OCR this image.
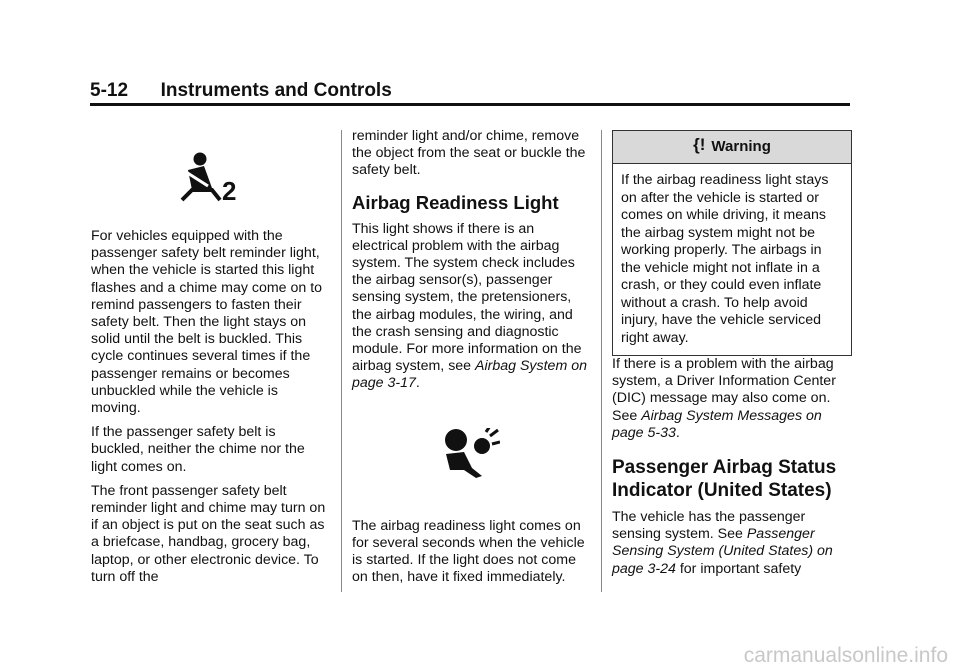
5-12 Instruments and Controls
2

For vehicles equipped with the passenger safety belt reminder light, when the vehicle is started this light flashes and a chime may come on to remind passengers to fasten their safety belt. Then the light stays on solid until the belt is buckled. This cycle continues several times if the passenger remains or becomes unbuckled while the vehicle is moving.

If the passenger safety belt is buckled, neither the chime nor the light comes on.

The front passenger safety belt reminder light and chime may turn on if an object is put on the seat such as a briefcase, handbag, grocery bag, laptop, or other electronic device. To turn off the

reminder light and/or chime, remove the object from the seat or buckle the safety belt.

Airbag Readiness Light

This light shows if there is an electrical problem with the airbag system. The system check includes the airbag sensor(s), passenger sensing system, the pretensioners, the airbag modules, the wiring, and the crash sensing and diagnostic module. For more information on the airbag system, see Airbag System on page 3-17.

The airbag readiness light comes on for several seconds when the vehicle is started. If the light does not come on then, have it fixed immediately.

{! Warning
If the airbag readiness light stays on after the vehicle is started or comes on while driving, it means the airbag system might not be working properly. The airbags in the vehicle might not inflate in a crash, or they could even inflate without a crash. To help avoid injury, have the vehicle serviced right away.

If there is a problem with the airbag system, a Driver Information Center (DIC) message may also come on. See Airbag System Messages on page 5-33.

Passenger Airbag Status Indicator (United States)

The vehicle has the passenger sensing system. See Passenger Sensing System (United States) on page 3-24 for important safety

carmanualsonline.info
